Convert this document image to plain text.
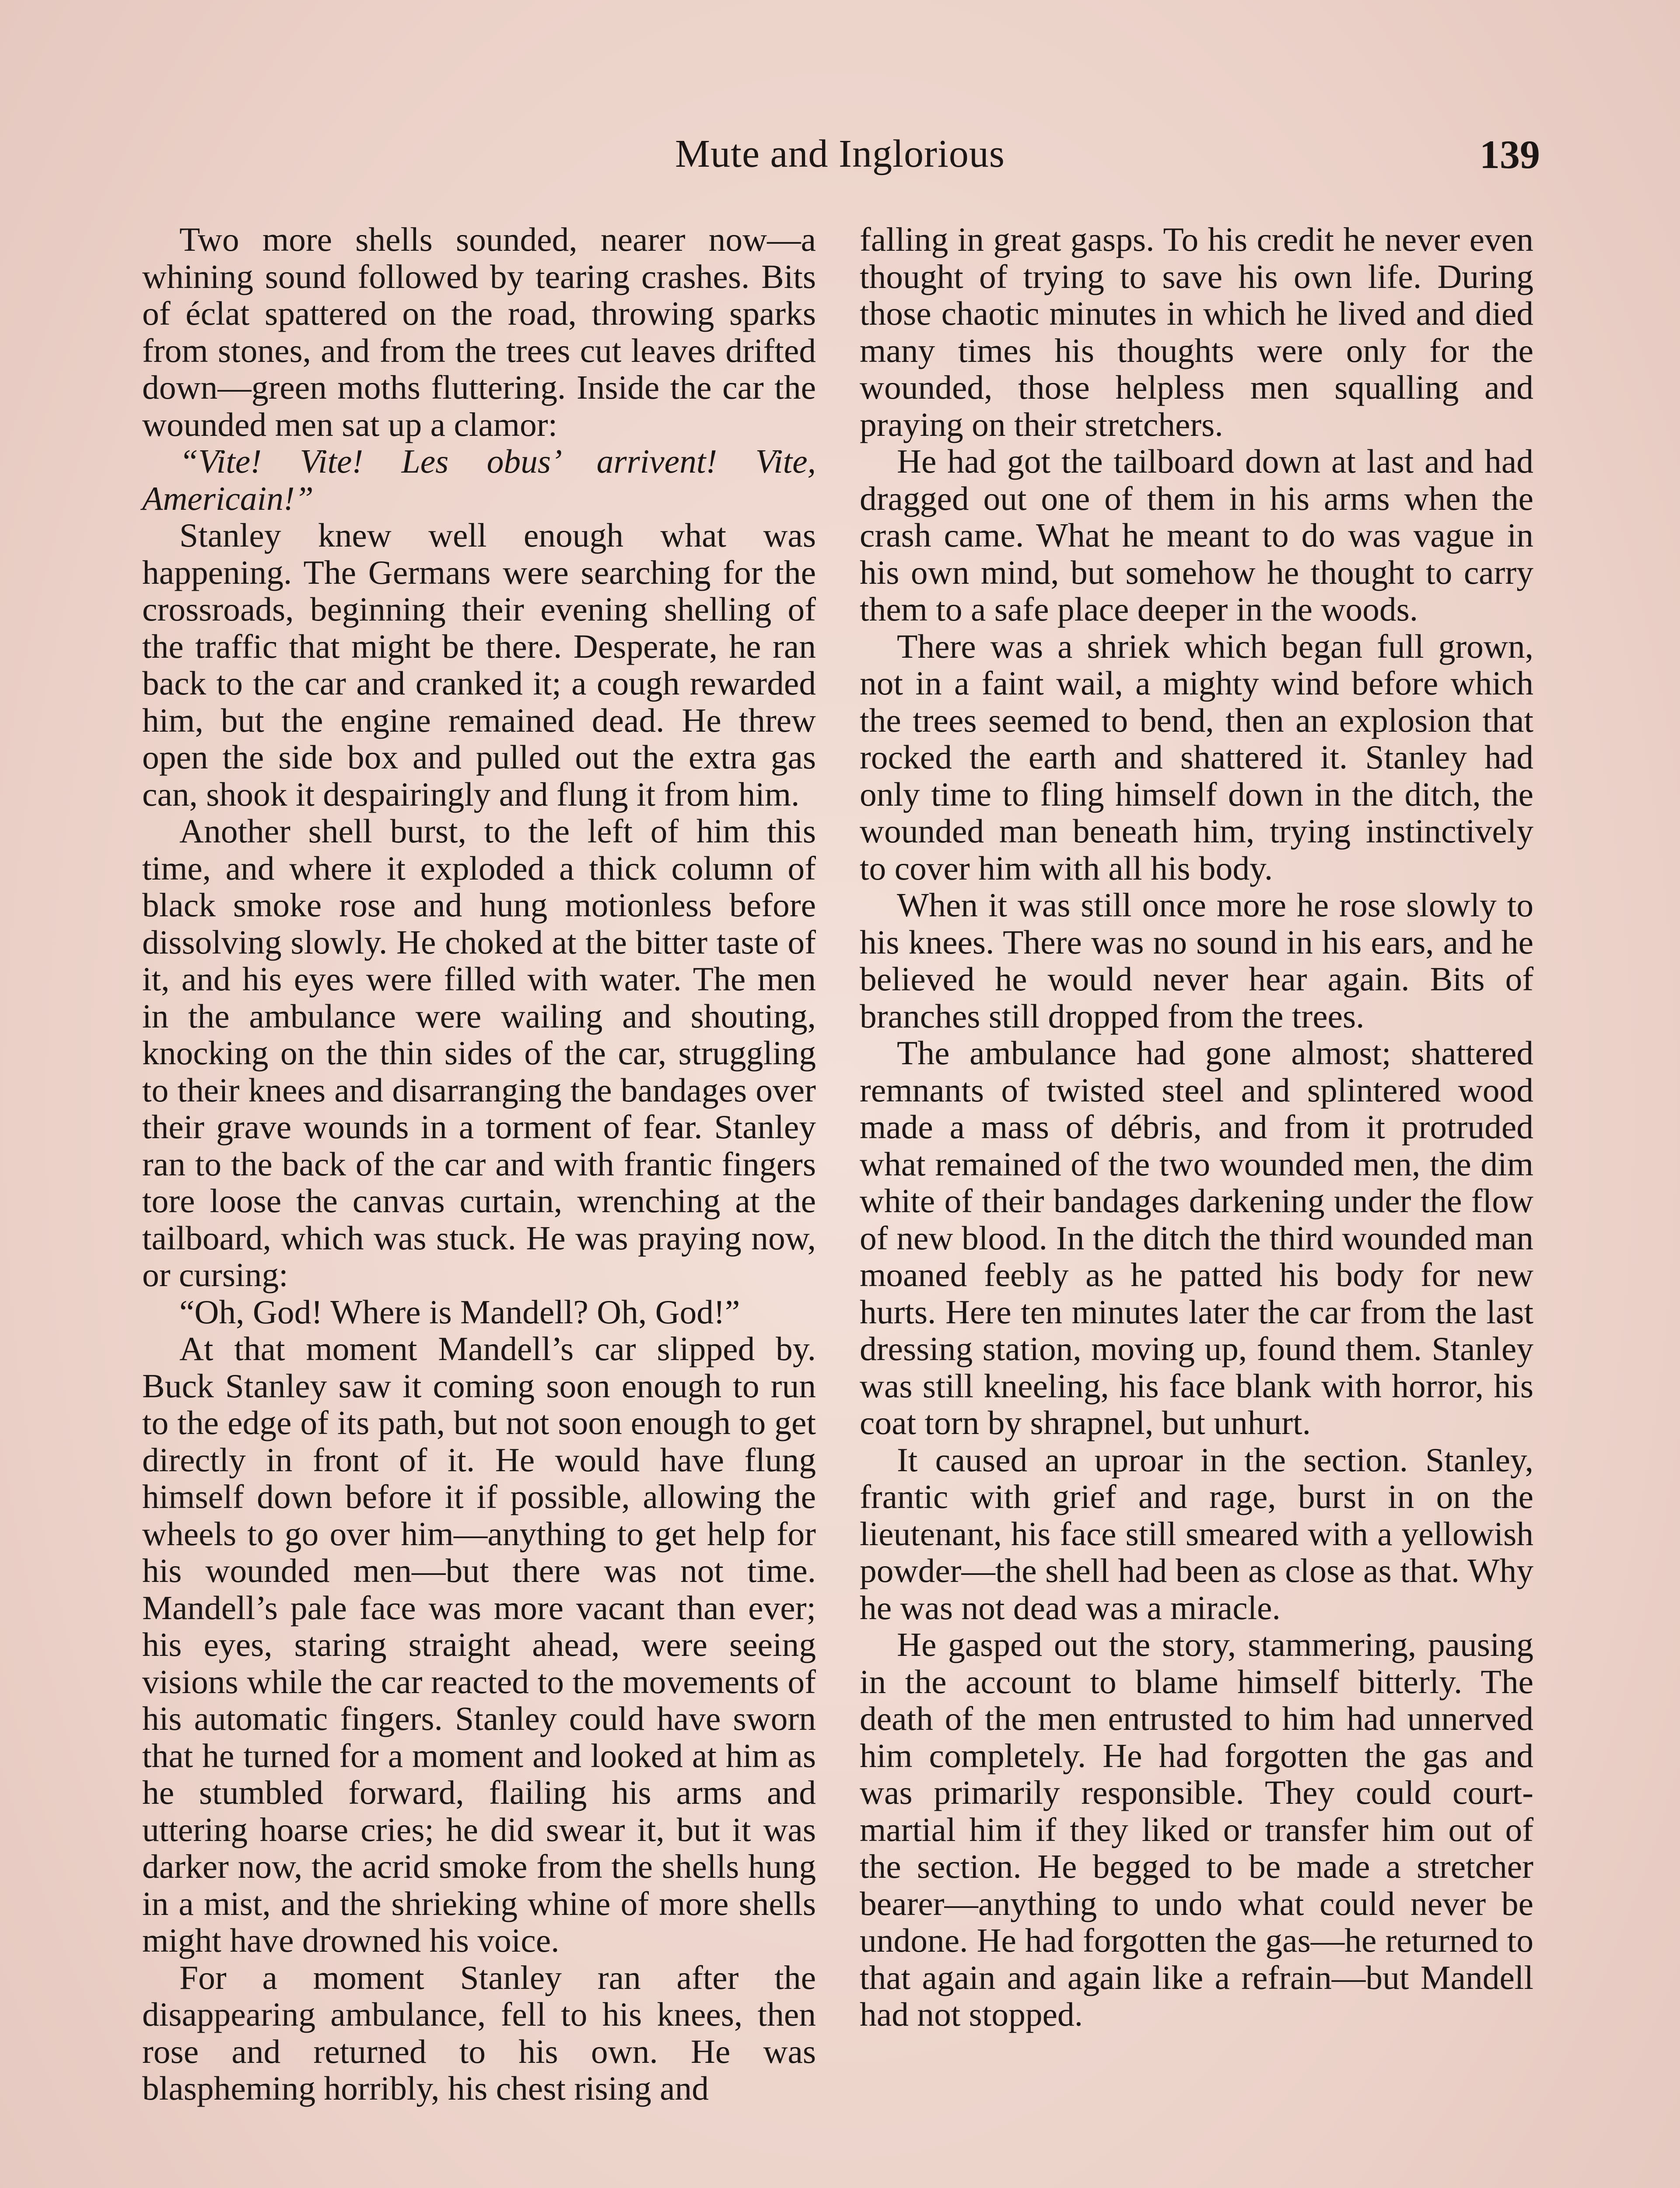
Mute and Inglorious	139

Two more shells sounded, nearer now—a whining sound followed by tearing crashes. Bits of éclat spattered on the road, throwing sparks from stones, and from the trees cut leaves drifted down—green moths fluttering. Inside the car the wounded men sat up a clamor:

“Vite! Vite! Les obus’ arrivent! Vite, Americain!”

Stanley knew well enough what was happening. The Germans were searching for the crossroads, beginning their evening shelling of the traffic that might be there. Desperate, he ran back to the car and cranked it; a cough rewarded him, but the engine remained dead. He threw open the side box and pulled out the extra gas can, shook it despairingly and flung it from him.

Another shell burst, to the left of him this time, and where it exploded a thick column of black smoke rose and hung motionless before dissolving slowly. He choked at the bitter taste of it, and his eyes were filled with water. The men in the ambulance were wailing and shouting, knocking on the thin sides of the car, struggling to their knees and disarranging the bandages over their grave wounds in a torment of fear. Stanley ran to the back of the car and with frantic fingers tore loose the canvas curtain, wrenching at the tailboard, which was stuck. He was praying now, or cursing:

“Oh, God! Where is Mandell? Oh, God!”

At that moment Mandell’s car slipped by. Buck Stanley saw it coming soon enough to run to the edge of its path, but not soon enough to get directly in front of it. He would have flung himself down before it if possible, allowing the wheels to go over him—anything to get help for his wounded men—but there was not time. Mandell’s pale face was more vacant than ever; his eyes, staring straight ahead, were seeing visions while the car reacted to the movements of his automatic fingers. Stanley could have sworn that he turned for a moment and looked at him as he stumbled forward, flailing his arms and uttering hoarse cries; he did swear it, but it was darker now, the acrid smoke from the shells hung in a mist, and the shrieking whine of more shells might have drowned his voice.

For a moment Stanley ran after the disappearing ambulance, fell to his knees, then rose and returned to his own. He was blaspheming horribly, his chest rising and

falling in great gasps. To his credit he never even thought of trying to save his own life. During those chaotic minutes in which he lived and died many times his thoughts were only for the wounded, those helpless men squalling and praying on their stretchers.

He had got the tailboard down at last and had dragged out one of them in his arms when the crash came. What he meant to do was vague in his own mind, but somehow he thought to carry them to a safe place deeper in the woods.

There was a shriek which began full grown, not in a faint wail, a mighty wind before which the trees seemed to bend, then an explosion that rocked the earth and shattered it. Stanley had only time to fling himself down in the ditch, the wounded man beneath him, trying instinctively to cover him with all his body.

When it was still once more he rose slowly to his knees. There was no sound in his ears, and he believed he would never hear again. Bits of branches still dropped from the trees.

The ambulance had gone almost; shattered remnants of twisted steel and splintered wood made a mass of débris, and from it protruded what remained of the two wounded men, the dim white of their bandages darkening under the flow of new blood. In the ditch the third wounded man moaned feebly as he patted his body for new hurts. Here ten minutes later the car from the last dressing station, moving up, found them. Stanley was still kneeling, his face blank with horror, his coat torn by shrapnel, but unhurt.

It caused an uproar in the section. Stanley, frantic with grief and rage, burst in on the lieutenant, his face still smeared with a yellowish powder—the shell had been as close as that. Why he was not dead was a miracle.

He gasped out the story, stammering, pausing in the account to blame himself bitterly. The death of the men entrusted to him had unnerved him completely. He had forgotten the gas and was primarily responsible. They could court-martial him if they liked or transfer him out of the section. He begged to be made a stretcher bearer—anything to undo what could never be undone. He had forgotten the gas—he returned to that again and again like a refrain—but Mandell had not stopped.
